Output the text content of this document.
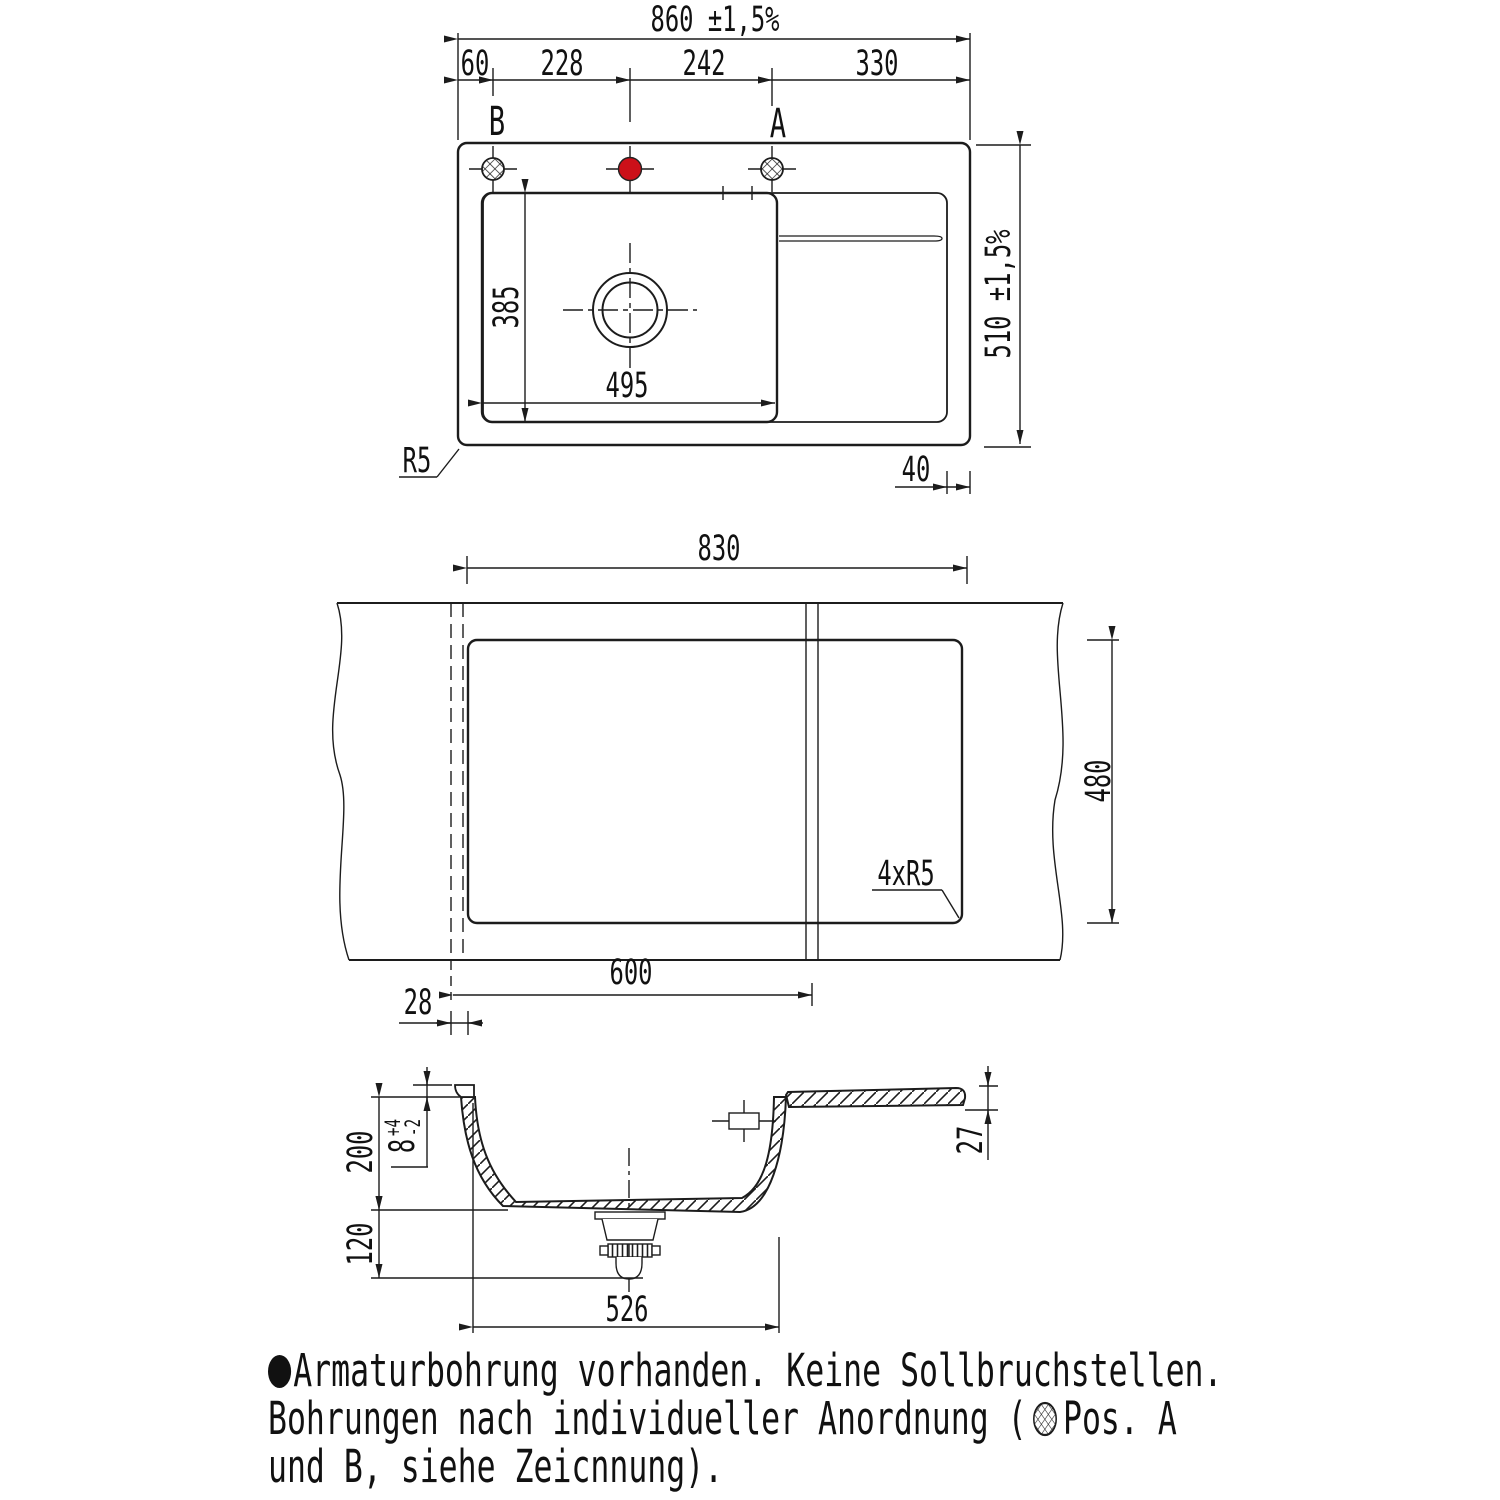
860 ±1,5%
60 228	242	330
B	A
385
495
510 ±1,5%
R5	40
830
4xR5
480
600
28
200
120
27
526
8
+4
-2
Armaturbohrung vorhanden. Keine Sollbruchstellen.
Bohrungen nach individueller Anordnung ( Pos. A
und B, siehe Zeicnnung).
